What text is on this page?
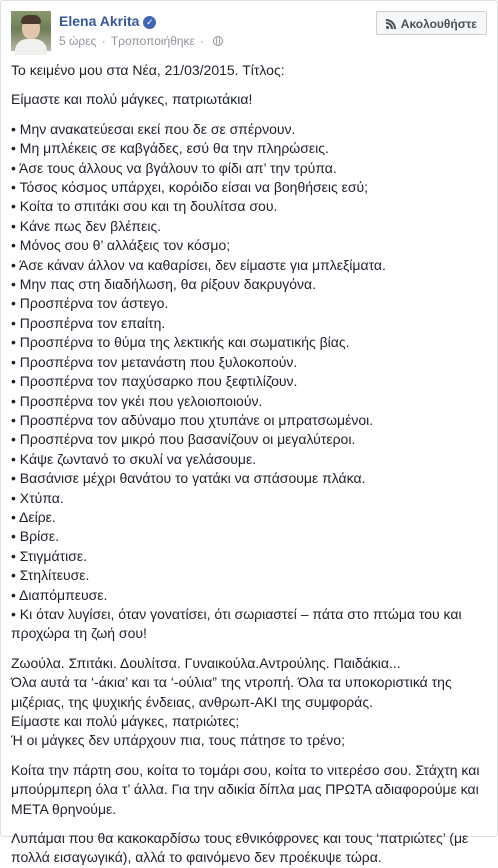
Elena Akrita ✓
5 ώρες · Τροποποιήθηκε ·
Ακολουθήστε

Το κειμένο μου στα Νέα, 21/03/2015. Τίτλος:

Είμαστε και πολύ μάγκες, πατριωτάκια!

• Μην ανακατεύεσαι εκεί που δε σε σπέρνουν.

• Μη μπλέκεις σε καβγάδες, εσύ θα την πληρώσεις.

• Άσε τους άλλους να βγάλουν το φίδι απ’ την τρύπα.

• Τόσος κόσμος υπάρχει, κορόιδο είσαι να βοηθήσεις εσύ;

• Κοίτα το σπιτάκι σου και τη δουλίτσα σου.

• Κάνε πως δεν βλέπεις.

• Μόνος σου θ’ αλλάξεις τον κόσμο;

• Άσε κάναν άλλον να καθαρίσει, δεν είμαστε για μπλεξίματα.

• Μην πας στη διαδήλωση, θα ρίξουν δακρυγόνα.

• Προσπέρνα τον άστεγο.

• Προσπέρνα τον επαίτη.

• Προσπέρνα το θύμα της λεκτικής και σωματικής βίας.

• Προσπέρνα τον μετανάστη που ξυλοκοπούν.

• Προσπέρνα τον παχύσαρκο που ξεφτιλίζουν.

• Προσπέρνα τον γκέι που γελοιοποιούν.

• Προσπέρνα τον αδύναμο που χτυπάνε οι μπρατσωμένοι.

• Προσπέρνα τον μικρό που βασανίζουν οι μεγαλύτεροι.

• Κάψε ζωντανό το σκυλί να γελάσουμε.

• Βασάνισε μέχρι θανάτου το γατάκι να σπάσουμε πλάκα.

• Χτύπα.

• Δείρε.

• Βρίσε.

• Στιγμάτισε.

• Στηλίτευσε.

• Διαπόμπευσε.

• Κι όταν λυγίσει, όταν γονατίσει, ότι σωριαστεί – πάτα στο πτώμα του και προχώρα τη ζωή σου!

Ζωούλα. Σπιτάκι. Δουλίτσα. Γυναικούλα.Αντρούλης. Παιδάκια...

Όλα αυτά τα ‘-άκια’ και τα ‘-ούλια” της ντροπή. Όλα τα υποκοριστικά της μιζέριας, της ψυχικής ένδειας, ανθρωπ-ΑΚΙ της συμφοράς.

Είμαστε και πολύ μάγκες, πατριώτες;

Ή οι μάγκες δεν υπάρχουν πια, τους πάτησε το τρένο;

Κοίτα την πάρτη σου, κοίτα το τομάρι σου, κοίτα το νιτερέσο σου. Στάχτη και μπούρμπερη όλα τ’ άλλα. Για την αδικία δίπλα μας ΠΡΩΤΑ αδιαφορούμε και ΜΕΤΑ θρηνούμε.

Λυπάμαι που θα κακοκαρδίσω τους εθνικόφρονες και τους ‘πατριώτες’ (με πολλά εισαγωγικά), αλλά το φαινόμενο δεν προέκυψε τώρα.
